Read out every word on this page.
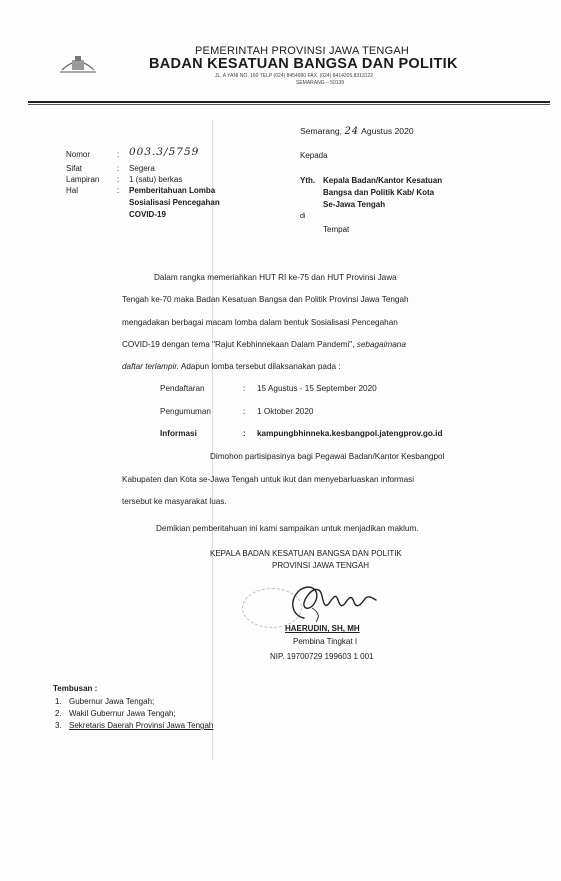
PEMERINTAH PROVINSI JAWA TENGAH
BADAN KESATUAN BANGSA DAN POLITIK
JL. A YANI NO. 160 TELP (024) 8454990 FAX. (024) 8414205,8313122
SEMARANG – 50139
Semarang, 24 Agustus 2020
Nomor	: 003.3/5759
Sifat	: Segera
Lampiran : 1 (satu) berkas
Hal	: Pemberitahuan Lomba
Sosialisasi Pencegahan
COVID-19
Kepada
Yth. Kepala Badan/Kantor Kesatuan
Bangsa dan Politik Kab/ Kota
Se-Jawa Tengah
di
Tempat
Dalam rangka memeriahkan HUT RI ke-75 dan HUT Provinsi Jawa
Tengah ke-70 maka Badan Kesatuan Bangsa dan Politik Provinsi Jawa Tengah
mengadakan berbagai macam lomba dalam bentuk Sosialisasi Pencegahan
COVID-19 dengan tema "Rajut Kebhinnekaan Dalam Pandemi", sebagaimana
daftar terlampir. Adapun lomba tersebut dilaksanakan pada :
Pendaftaran	: 15 Agustus - 15 September 2020
Pengumuman	: 1 Oktober 2020
Informasi	: kampungbhinneka.kesbangpol.jatengprov.go.id
Dimohon partisipasinya bagi Pegawai Badan/Kantor Kesbangpol
Kabupaten dan Kota se-Jawa Tengah untuk ikut dan menyebarluaskan informasi
tersebut ke masyarakat luas.
Demikian pemberitahuan ini kami sampaikan untuk menjadikan maklum.
KEPALA BADAN KESATUAN BANGSA DAN POLITIK
PROVINSI JAWA TENGAH
HAERUDIN, SH, MH
Pembina Tingkat I
NIP. 19700729 199603 1 001
Tembusan :
1. Gubernur Jawa Tengah;
2. Wakil Gubernur Jawa Tengah;
3. Sekretaris Daerah Provinsi Jawa Tengah
